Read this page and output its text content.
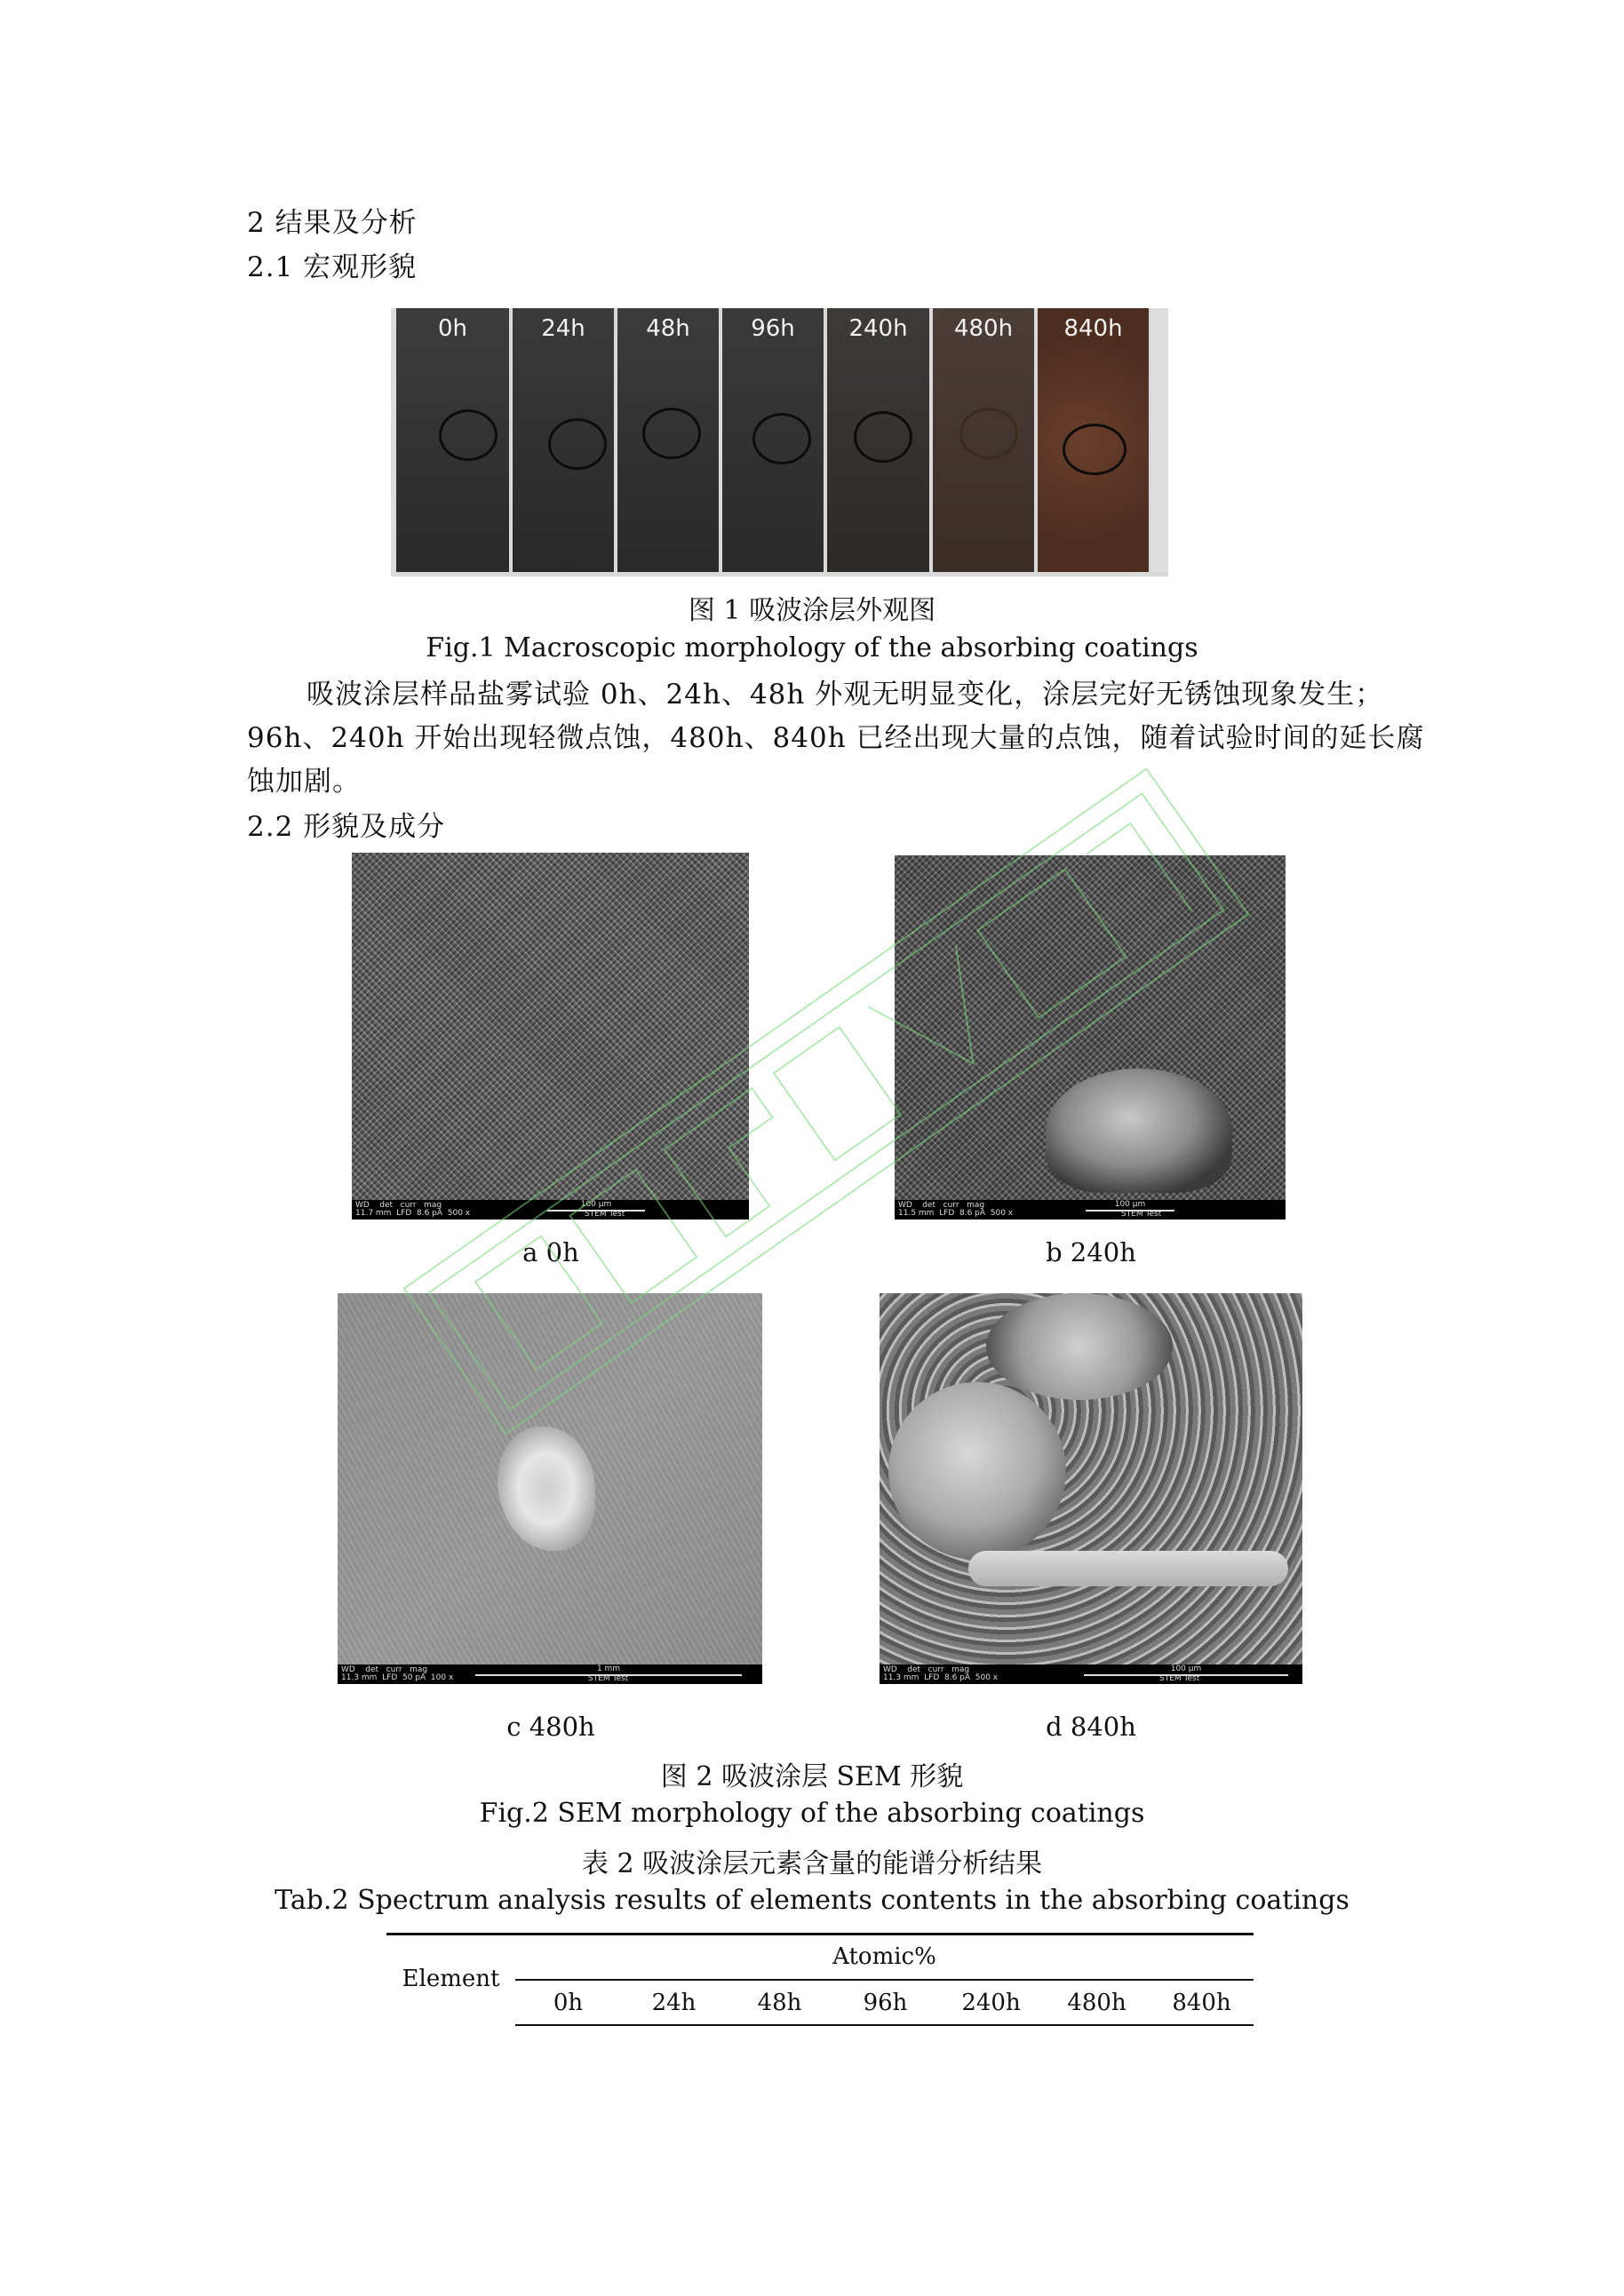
2 结果及分析
2.1 宏观形貌
0h	24h	48h	96h	240h	480h	840h
图 1 吸波涂层外观图
Fig.1 Macroscopic morphology of the absorbing coatings
吸波涂层样品盐雾试验 0h、24h、48h 外观无明显变化，涂层完好无锈蚀现象发生；
96h、240h 开始出现轻微点蚀，480h、840h 已经出现大量的点蚀，随着试验时间的延长腐
蚀加剧。
2.2 形貌及成分
WD    det   curr   mag
11.7 mm  LFD  8.6 pA  500 x
100 μm
STEM Test
WD    det   curr   mag
11.5 mm  LFD  8.6 pA  500 x
100 μm
STEM Test
a 0h	b 240h
WD    det   curr   mag
11.3 mm  LFD  50 pA  100 x
1 mm
STEM Test
WD    det   curr   mag
11.3 mm  LFD  8.6 pA  500 x
100 μm
STEM Test
c 480h	d 840h
图 2 吸波涂层 SEM 形貌
Fig.2 SEM morphology of the absorbing coatings
表 2 吸波涂层元素含量的能谱分析结果
Tab.2 Spectrum analysis results of elements contents in the absorbing coatings
Element
Atomic%
0h	24h	48h	96h	240h	480h	840h
